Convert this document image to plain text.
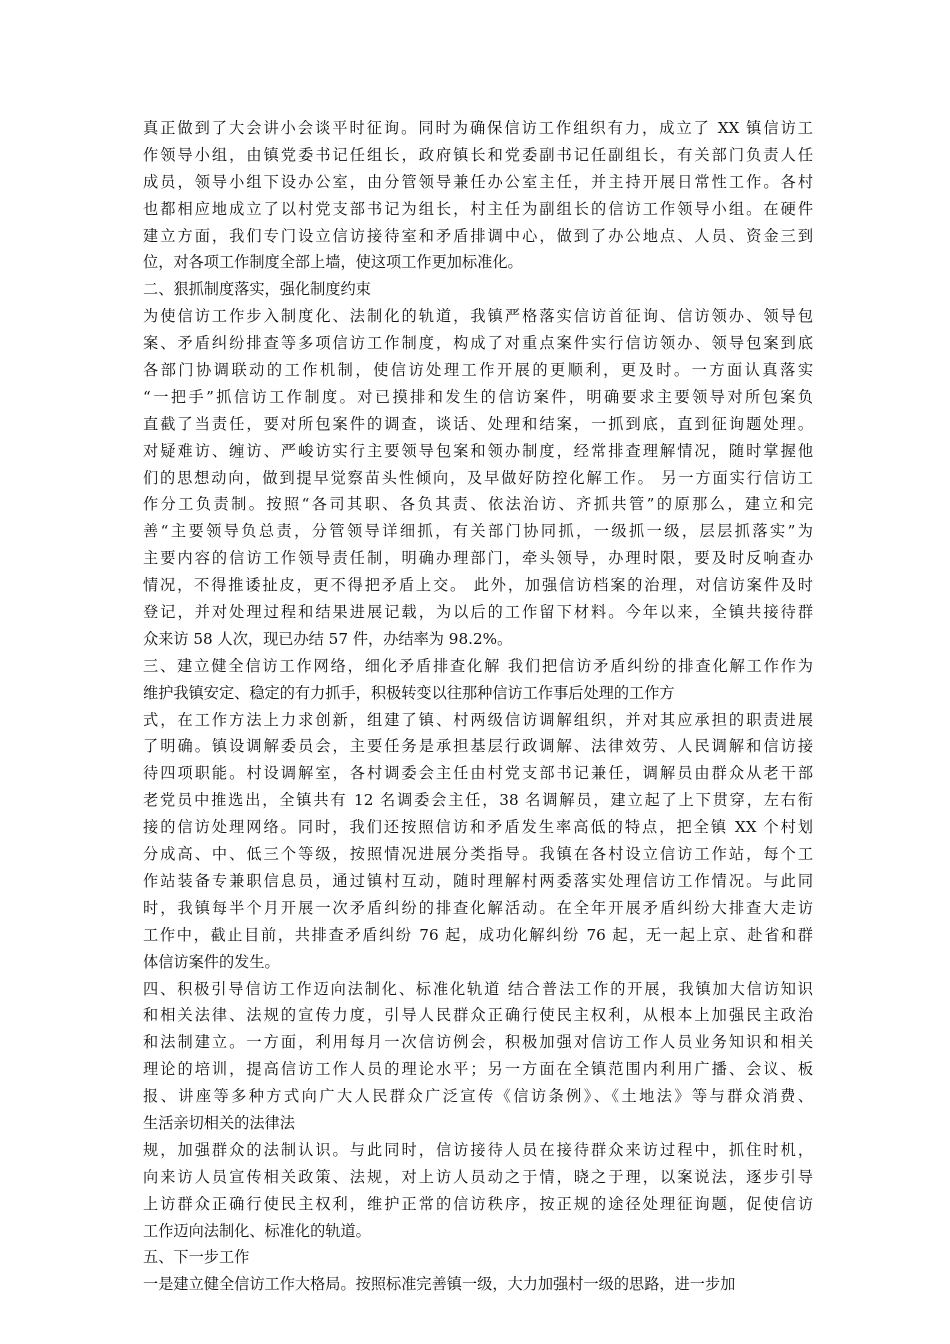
真正做到了大会讲小会谈平时征询。同时为确保信访工作组织有力，成立了 XX 镇信访工
作领导小组，由镇党委书记任组长，政府镇长和党委副书记任副组长，有关部门负责人任
成员，领导小组下设办公室，由分管领导兼任办公室主任，并主持开展日常性工作。各村
也都相应地成立了以村党支部书记为组长，村主任为副组长的信访工作领导小组。在硬件
建立方面，我们专门设立信访接待室和矛盾排调中心，做到了办公地点、人员、资金三到
位，对各项工作制度全部上墙，使这项工作更加标准化。
二、狠抓制度落实，强化制度约束
为使信访工作步入制度化、法制化的轨道，我镇严格落实信访首征询、信访领办、领导包
案、矛盾纠纷排查等多项信访工作制度，构成了对重点案件实行信访领办、领导包案到底
各部门协调联动的工作机制，使信访处理工作开展的更顺利，更及时。一方面认真落实
“一把手”抓信访工作制度。对已摸排和发生的信访案件，明确要求主要领导对所包案负
直截了当责任，要对所包案件的调查，谈话、处理和结案，一抓到底，直到征询题处理。
对疑难访、缠访、严峻访实行主要领导包案和领办制度，经常排查理解情况，随时掌握他
们的思想动向，做到提早觉察苗头性倾向，及早做好防控化解工作。 另一方面实行信访工
作分工负责制。按照“各司其职、各负其责、依法治访、齐抓共管”的原那么，建立和完
善“主要领导负总责，分管领导详细抓，有关部门协同抓，一级抓一级，层层抓落实”为
主要内容的信访工作领导责任制，明确办理部门，牵头领导，办理时限，要及时反响查办
情况，不得推诿扯皮，更不得把矛盾上交。 此外，加强信访档案的治理，对信访案件及时
登记，并对处理过程和结果进展记载，为以后的工作留下材料。今年以来，全镇共接待群
众来访 58 人次，现已办结 57 件，办结率为 98.2%。
三、建立健全信访工作网络，细化矛盾排查化解 我们把信访矛盾纠纷的排查化解工作作为
维护我镇安定、稳定的有力抓手，积极转变以往那种信访工作事后处理的工作方
式，在工作方法上力求创新，组建了镇、村两级信访调解组织，并对其应承担的职责进展
了明确。镇设调解委员会，主要任务是承担基层行政调解、法律效劳、人民调解和信访接
待四项职能。村设调解室，各村调委会主任由村党支部书记兼任，调解员由群众从老干部
老党员中推选出，全镇共有 12 名调委会主任，38 名调解员，建立起了上下贯穿，左右衔
接的信访处理网络。同时，我们还按照信访和矛盾发生率高低的特点，把全镇 XX 个村划
分成高、中、低三个等级，按照情况进展分类指导。我镇在各村设立信访工作站，每个工
作站装备专兼职信息员，通过镇村互动，随时理解村两委落实处理信访工作情况。与此同
时，我镇每半个月开展一次矛盾纠纷的排查化解活动。在全年开展矛盾纠纷大排查大走访
工作中，截止目前，共排查矛盾纠纷 76 起，成功化解纠纷 76 起，无一起上京、赴省和群
体信访案件的发生。
四、积极引导信访工作迈向法制化、标准化轨道 结合普法工作的开展，我镇加大信访知识
和相关法律、法规的宣传力度，引导人民群众正确行使民主权利，从根本上加强民主政治
和法制建立。一方面，利用每月一次信访例会，积极加强对信访工作人员业务知识和相关
理论的培训，提高信访工作人员的理论水平；另一方面在全镇范围内利用广播、会议、板
报、讲座等多种方式向广大人民群众广泛宣传《信访条例》、《土地法》等与群众消费、
生活亲切相关的法律法
规，加强群众的法制认识。与此同时，信访接待人员在接待群众来访过程中，抓住时机，
向来访人员宣传相关政策、法规，对上访人员动之于情，晓之于理，以案说法，逐步引导
上访群众正确行使民主权利，维护正常的信访秩序，按正规的途径处理征询题，促使信访
工作迈向法制化、标准化的轨道。
五、下一步工作
一是建立健全信访工作大格局。按照标准完善镇一级，大力加强村一级的思路，进一步加
